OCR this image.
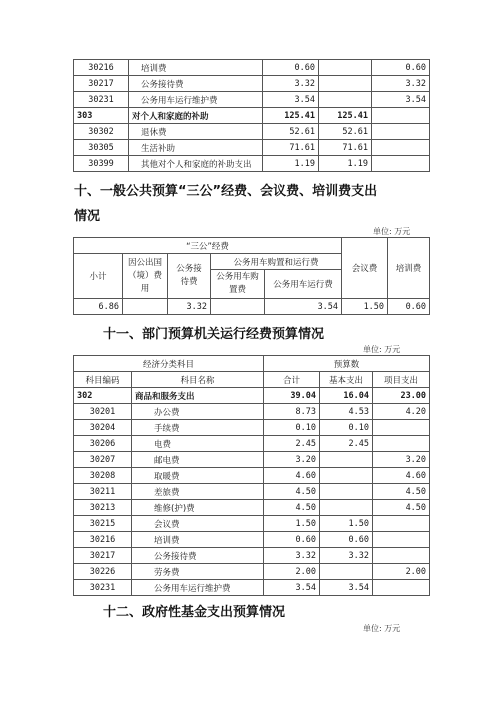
30216	培训费	0.60		0.60
30217	公务接待费	3.32		3.32
30231	公务用车运行维护费	3.54		3.54
303	对个人和家庭的补助	125.41	125.41	
30302	退休费	52.61	52.61	
30305	生活补助	71.61	71.61	
30399	其他对个人和家庭的补助支出	1.19	1.19	
十、一般公共预算“三公”经费、会议费、培训费支出
情况
单位: 万元
“三公”经费					会议费	培训费
小计	因公出国（境）费用	公务接待费	公务用车购置和运行费			
			公务用车购置费	公务用车运行费		
6.86		3.32		3.54	1.50	0.60
十一、部门预算机关运行经费预算情况
单位: 万元
经济分类科目		预算数		
科目编码	科目名称	合计	基本支出	项目支出
302	商品和服务支出	39.04	16.04	23.00
30201	办公费	8.73	4.53	4.20
30204	手续费	0.10	0.10	
30206	电费	2.45	2.45	
30207	邮电费	3.20		3.20
30208	取暖费	4.60		4.60
30211	差旅费	4.50		4.50
30213	维修(护)费	4.50		4.50
30215	会议费	1.50	1.50	
30216	培训费	0.60	0.60	
30217	公务接待费	3.32	3.32	
30226	劳务费	2.00		2.00
30231	公务用车运行维护费	3.54	3.54	
十二、政府性基金支出预算情况
单位: 万元
